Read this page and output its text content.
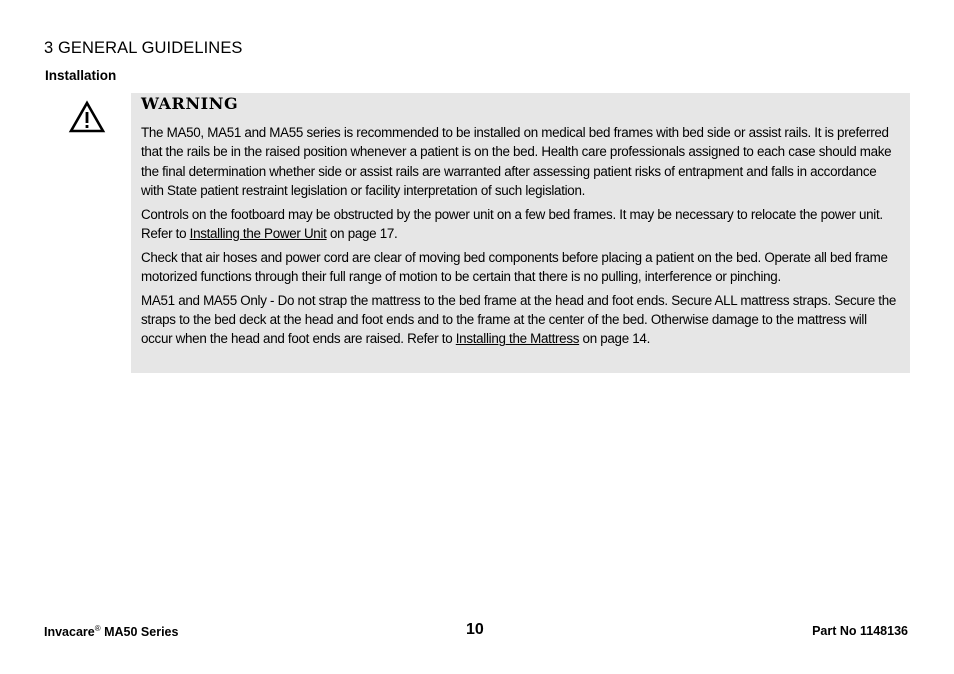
3 GENERAL GUIDELINES
Installation
WARNING

The MA50, MA51 and MA55 series is recommended to be installed on medical bed frames with bed side or assist rails. It is preferred that the rails be in the raised position whenever a patient is on the bed. Health care professionals assigned to each case should make the final determination whether side or assist rails are warranted after assessing patient risks of entrapment and falls in accordance with State patient restraint legislation or facility interpretation of such legislation.

Controls on the footboard may be obstructed by the power unit on a few bed frames. It may be necessary to relocate the power unit. Refer to Installing the Power Unit on page 17.

Check that air hoses and power cord are clear of moving bed components before placing a patient on the bed. Operate all bed frame motorized functions through their full range of motion to be certain that there is no pulling, interference or pinching.

MA51 and MA55 Only - Do not strap the mattress to the bed frame at the head and foot ends. Secure ALL mattress straps. Secure the straps to the bed deck at the head and foot ends and to the frame at the center of the bed. Otherwise damage to the mattress will occur when the head and foot ends are raised. Refer to Installing the Mattress on page 14.

Invacare® MA50 Series	10	Part No 1148136
